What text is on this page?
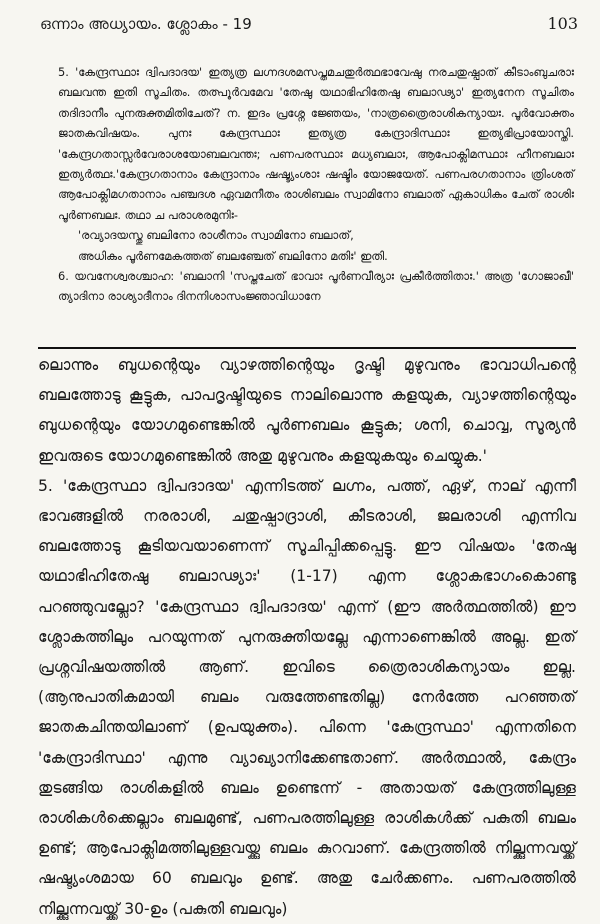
ഒന്നാം അധ്യായം. ശ്ലോകം - 19	103

5. 'കേന്ദ്രസ്ഥാഃ ദ്വിപദാദയ' ഇത്യത്ര ലഗ്നദശമസപ്തമചതുർത്ഥഭാവേഷു നരചതുഷ്പാത് കീടാംബുചരാഃ ബലവന്ത ഇതി സൂചിതം. തത്പൂർവമേവ 'തേഷു യഥാഭിഹിതേഷു ബലാഢ്യാ' ഇത്യനേന സൂചിതം തദിദാനീം പുനരുക്തമിതിചേത്? ന. ഇദം പ്രശ്നേ ജ്ഞേയം, 'നാത്രത്രൈരാശികന്യായഃ. പൂർവോക്തം ജാതകവിഷയം. പുനഃ കേന്ദ്രസ്ഥാഃ ഇത്യത്ര കേന്ദ്രാദിസ്ഥാഃ ഇത്യഭിപ്രായോസ്തി. 'കേന്ദ്രഗതാസ്സർവേരാശയോബലവന്തഃ; പണപരസ്ഥാഃ മധ്യബലാഃ, ആപോക്ലിമസ്ഥാഃ ഹീനബലാഃ ഇത്യർത്ഥഃ.'കേന്ദ്രഗതാനാം കേന്ദ്രാനാം ഷഷ്ട്യംശാഃ ഷഷ്ടിം യോജയേത്. പണപരഗതാനാം ത്രിംശത് ആപോക്ലിമഗതാനാം പഞ്ചദശ ഏവമനീതം രാശിബലം സ്വാമിനോ ബലാത് ഏകാധികം ചേത് രാശിഃ പൂർണബലഃ. തഥാ ച പരാശരമുനിഃ-

'രവ്യാദയസ്തു ബലിനോ രാശീനാം സ്വാമിനോ ബലാത്,

അധികം പൂർണമേകത്തത് ബലഞ്ചേത് ബലിനോ മതിഃ' ഇതി.

6. യവനേശ്വരശ്ചാഹ: 'ബലാനി 'സപ്തചേത് ഭാവാഃ പൂർണവീര്യാഃ പ്രകീർത്തിതാഃ.' അത്ര 'ഗോജാഖീ' ത്യാദിനാ രാശ്യാദീനാം ദിനനിശാസംജ്ഞാവിധാനേ

ലൊന്നും ബുധന്റെയും വ്യാഴത്തിന്റെയും ദൃഷ്ടി മുഴുവനും ഭാവാധിപന്റെ ബലത്തോടു കൂട്ടുക, പാപദൃഷ്ടിയുടെ നാലിലൊന്നു കളയുക, വ്യാഴത്തിന്റെയും ബുധന്റെയും യോഗമുണ്ടെങ്കിൽ പൂർണബലം കൂട്ടുക; ശനി, ചൊവ്വ, സൂര്യൻ ഇവരുടെ യോഗമുണ്ടെങ്കിൽ അതു മുഴുവനും കളയുകയും ചെയ്യുക.'

5. 'കേന്ദ്രസ്ഥാ ദ്വിപദാദയ' എന്നിടത്ത് ലഗ്നം, പത്ത്, ഏഴ്, നാല് എന്നീ ഭാവങ്ങളിൽ നരരാശി, ചതുഷ്പാദ്രാശി, കീടരാശി, ജലരാശി എന്നിവ ബലത്തോടു കൂടിയവയാണെന്ന് സൂചിപ്പിക്കപ്പെട്ടു. ഈ വിഷയം 'തേഷു യഥാഭിഹിതേഷു ബലാഢ്യാഃ' (1-17) എന്ന ശ്ലോകഭാഗംകൊണ്ടു പറഞ്ഞുവല്ലോ? 'കേന്ദ്രസ്ഥാ ദ്വിപദാദയ' എന്ന് (ഈ അർത്ഥത്തിൽ) ഈ ശ്ലോകത്തിലും പറയുന്നത് പുനരുക്തിയല്ലേ എന്നാണെങ്കിൽ അല്ല. ഇത് പ്രശ്നവിഷയത്തിൽ ആണ്. ഇവിടെ ത്രൈരാശികന്യായം ഇല്ല. (ആനുപാതികമായി ബലം വരുത്തേണ്ടതില്ല) നേർത്തേ പറഞ്ഞത് ജാതകചിന്തയിലാണ് (ഉപയുക്തം). പിന്നെ 'കേന്ദ്രസ്ഥാ' എന്നതിനെ 'കേന്ദ്രാദിസ്ഥാ' എന്നു വ്യാഖ്യാനിക്കേണ്ടതാണ്. അർത്ഥാൽ, കേന്ദ്രം തുടങ്ങിയ രാശികളിൽ ബലം ഉണ്ടെന്ന് - അതായത് കേന്ദ്രത്തിലുള്ള രാശികൾക്കെല്ലാം ബലമുണ്ട്, പണപരത്തിലുള്ള രാശികൾക്ക് പകുതി ബലം ഉണ്ട്; ആപോക്ലിമത്തിലുള്ളവയ്ക്കു ബലം കുറവാണ്. കേന്ദ്രത്തിൽ നില്ക്കുന്നവയ്ക്ക് ഷഷ്ട്യംശമായ 60 ബലവും ഉണ്ട്. അതു ചേർക്കണം. പണപരത്തിൽ നില്ക്കുന്നവയ്ക്ക് 30-ഉം (പകുതി ബലവും)
